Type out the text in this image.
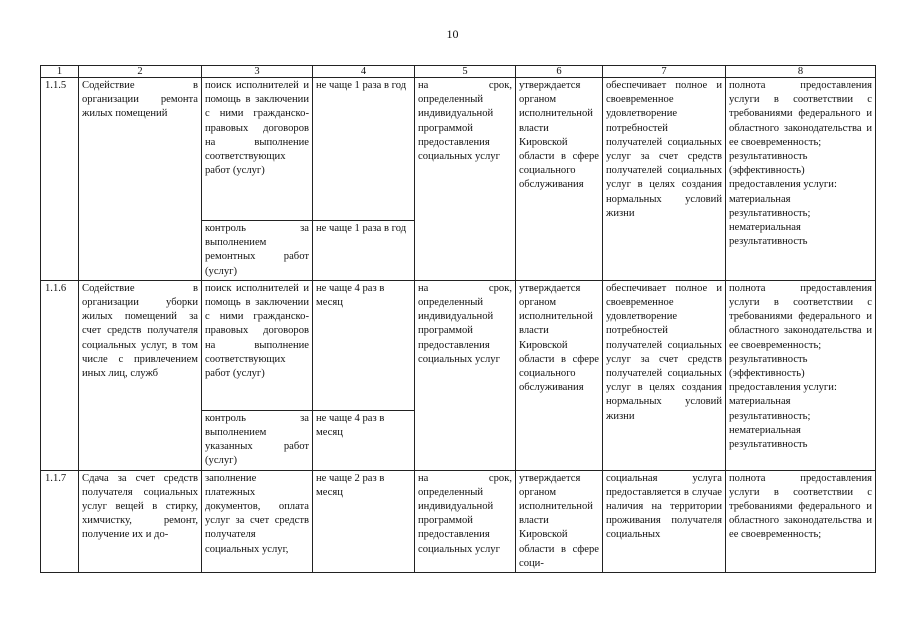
10
1	2	3	4	5	6	7	8
1.1.5	Содействие в организации ремонта жилых помещений	поиск исполнителей и помощь в заключении с ними гражданско-правовых договоров на выполнение соответствующих работ (услуг)	не чаще 1 раза в год	на срок, определенный индивидуальной программой предоставления социальных услуг	утверждается органом исполнительной власти Кировской области в сфере социального обслуживания	обеспечивает полное и своевременное удовлетворение потребностей получателей социальных услуг за счет средств получателей социальных услуг в целях создания нормальных условий жизни	полнота предоставления услуги в соответствии с требованиями федерального и областного законодательства и ее своевременность;
результативность (эффективность) предоставления услуги:
материальная результативность;
нематериальная результативность
		контроль за выполнением ремонтных работ (услуг)	не чаще 1 раза в год				
1.1.6	Содействие в организации уборки жилых помещений за счет средств получателя социальных услуг, в том числе с привлечением иных лиц, служб	поиск исполнителей и помощь в заключении с ними гражданско-правовых договоров на выполнение соответствующих работ (услуг)	не чаще 4 раз в месяц	на срок, определенный индивидуальной программой предоставления социальных услуг	утверждается органом исполнительной власти Кировской области в сфере социального обслуживания	обеспечивает полное и своевременное удовлетворение потребностей получателей социальных услуг за счет средств получателей социальных услуг в целях создания нормальных условий жизни	полнота предоставления услуги в соответствии с требованиями федерального и областного законодательства и ее своевременность;
результативность (эффективность) предоставления услуги:
материальная результативность;
нематериальная результативность
		контроль за выполнением указанных работ (услуг)	не чаще 4 раз в месяц				
1.1.7	Сдача за счет средств получателя социальных услуг вещей в стирку, химчистку, ремонт, получение их и до-	заполнение платежных документов, оплата услуг за счет средств получателя социальных услуг,	не чаще 2 раз в месяц	на срок, определенный индивидуальной программой предоставления социальных услуг	утверждается органом исполнительной власти Кировской области в сфере соци-	социальная услуга предоставляется в случае наличия на территории проживания получателя социальных	полнота предоставления услуги в соответствии с требованиями федерального и областного законодательства и ее своевременность;
